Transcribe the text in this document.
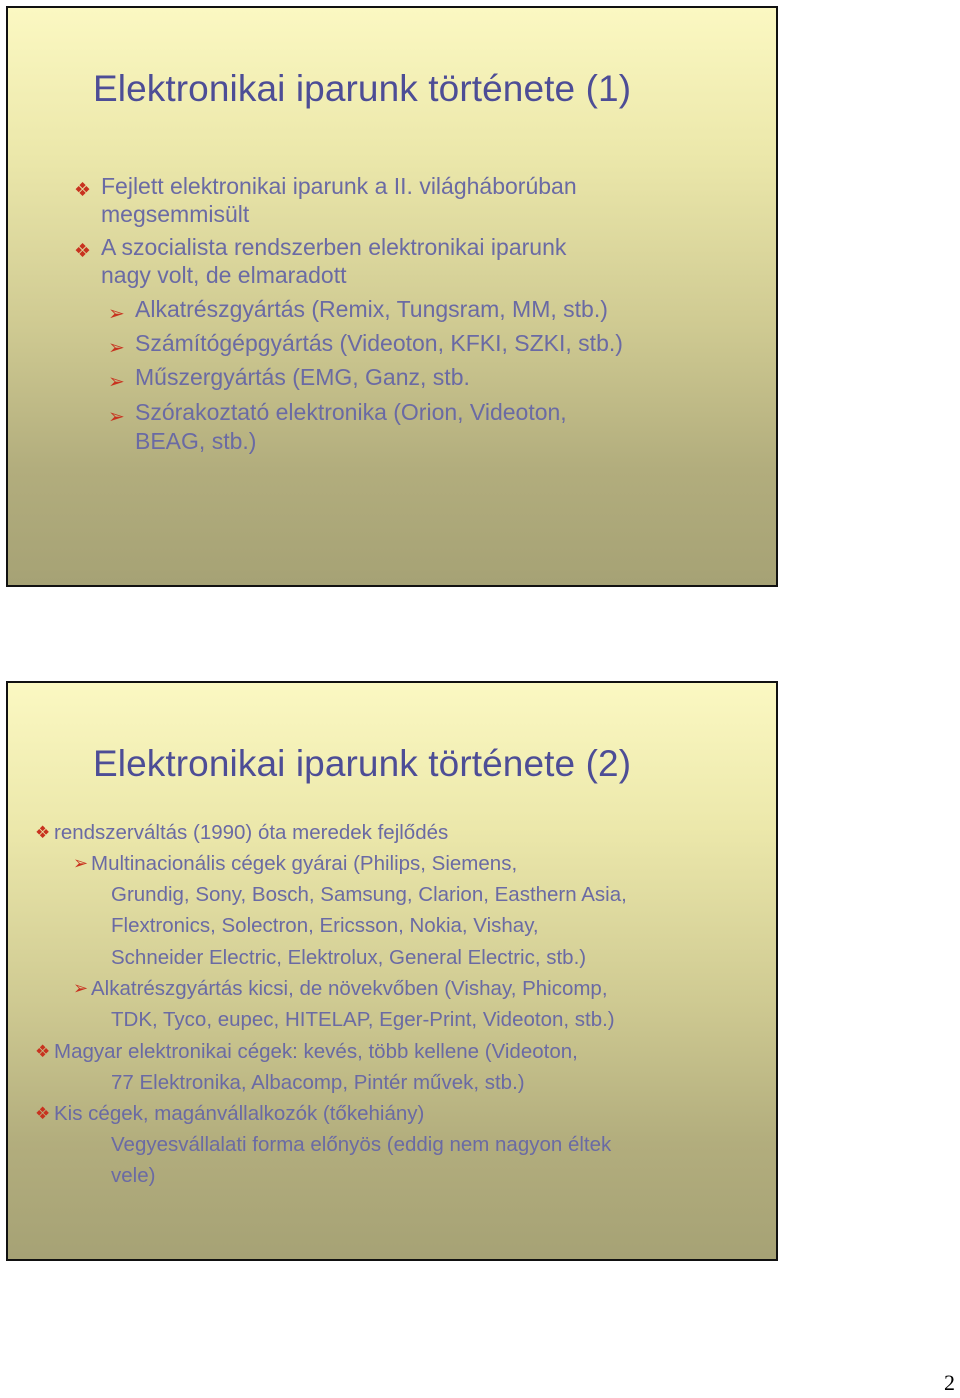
Elektronikai iparunk története (1)
❖ Fejlett elektronikai iparunk a II. világháborúban
megsemmisült
❖ A szocialista rendszerben elektronikai iparunk
nagy volt, de elmaradott
➢ Alkatrészgyártás (Remix, Tungsram, MM, stb.)
➢ Számítógépgyártás (Videoton, KFKI, SZKI, stb.)
➢ Műszergyártás (EMG, Ganz, stb.
➢ Szórakoztató elektronika (Orion, Videoton,
BEAG, stb.)
Elektronikai iparunk története (2)
❖ rendszerváltás (1990) óta meredek fejlődés
➢ Multinacionális cégek gyárai (Philips, Siemens,
Grundig, Sony, Bosch, Samsung, Clarion, Easthern Asia,
Flextronics, Solectron, Ericsson, Nokia, Vishay,
Schneider Electric, Elektrolux, General Electric, stb.)
➢ Alkatrészgyártás kicsi, de növekvőben (Vishay, Phicomp,
TDK, Tyco, eupec, HITELAP, Eger-Print, Videoton, stb.)
❖ Magyar elektronikai cégek: kevés, több kellene (Videoton,
77 Elektronika, Albacomp, Pintér művek, stb.)
❖ Kis cégek, magánvállalkozók (tőkehiány)
Vegyesvállalati forma előnyös (eddig nem nagyon éltek
vele)
2
